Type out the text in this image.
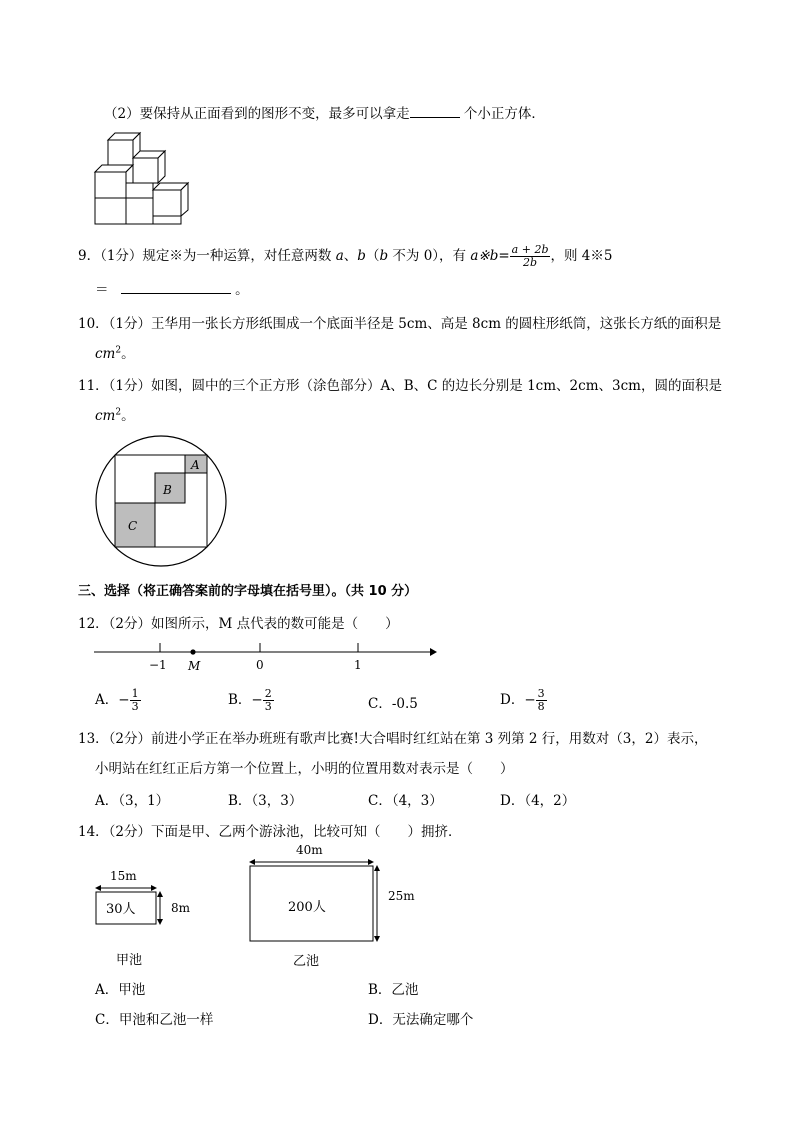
（2）要保持从正面看到的图形不变，最多可以拿走	个小正方体．
9．（1分）规定※为一种运算，对任意两数 a、b（b 不为 0），有 a※b= $\frac{a + 2b}{2b}$ ，则 4※5
＝	。
10．（1分）王华用一张长方形纸围成一个底面半径是 5cm、高是 8cm 的圆柱形纸筒，这张长方纸的面积是
$cm^2$。
11．（1分）如图，圆中的三个正方形（涂色部分）A、B、C 的边长分别是 1cm、2cm、3cm，圆的面积是
$cm^2$。
A
B
C
三、选择（将正确答案前的字母填在括号里）。（共 10 分）
12．（2分）如图所示，M 点代表的数可能是（　　）
−1 M	0	1
A．− $\frac{1}{3}$	B．− $\frac{2}{3}$	C．-0.5	D．− $\frac{3}{8}$
13．（2分）前进小学正在举办班班有歌声比赛!大合唱时红红站在第 3 列第 2 行，用数对（3，2）表示，
小明站在红红正后方第一个位置上，小明的位置用数对表示是（　　）
A．（3，1）	B．（3，3）	C．（4，3）	D．（4，2）
14．（2分）下面是甲、乙两个游泳池，比较可知（　　）拥挤．
15m
30人	8m
甲池
40m
200人
25m
乙池
A．甲池	B．乙池
C．甲池和乙池一样	D．无法确定哪个
